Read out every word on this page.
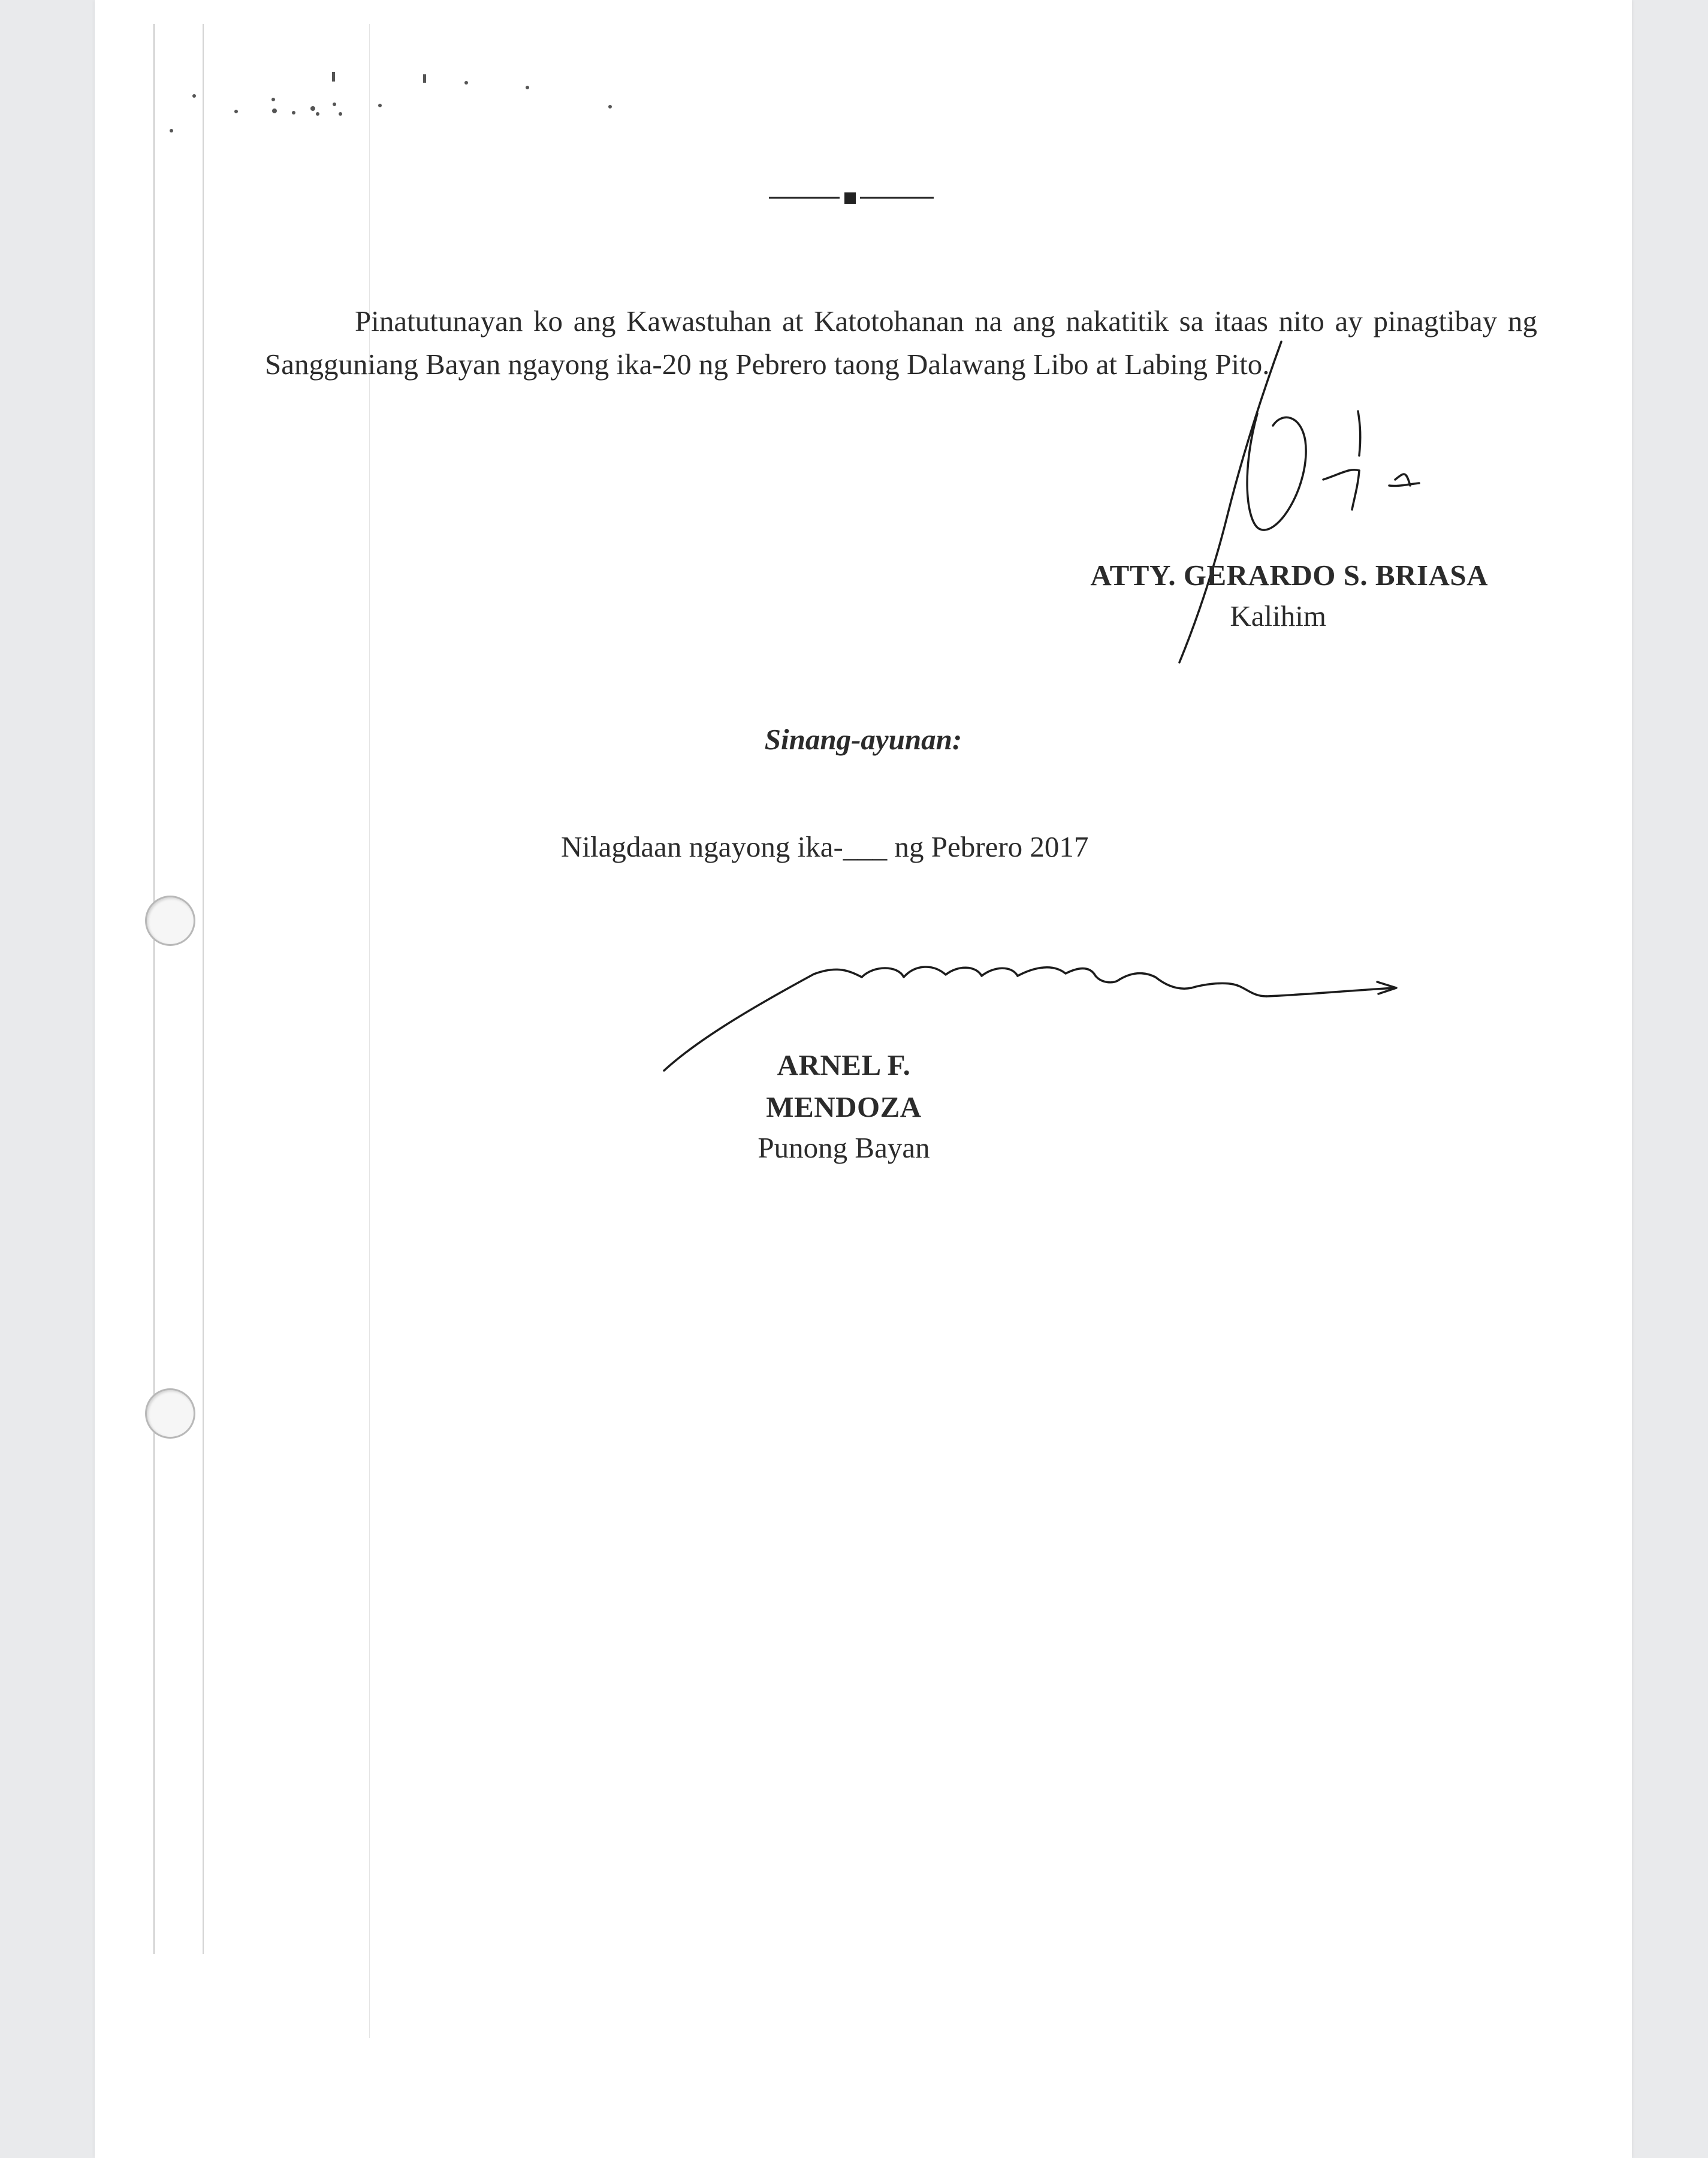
Pinatutunayan ko ang Kawastuhan at Katotohanan na ang nakatitik sa itaas nito ay pinagtibay ng Sangguniang Bayan ngayong ika-20 ng Pebrero taong Dalawang Libo at Labing Pito.

ATTY. GERARDO S. BRIASA
Kalihim
Sinang-ayunan:
Nilagdaan ngayong ika-___ ng Pebrero 2017
ARNEL F. MENDOZA
Punong Bayan
